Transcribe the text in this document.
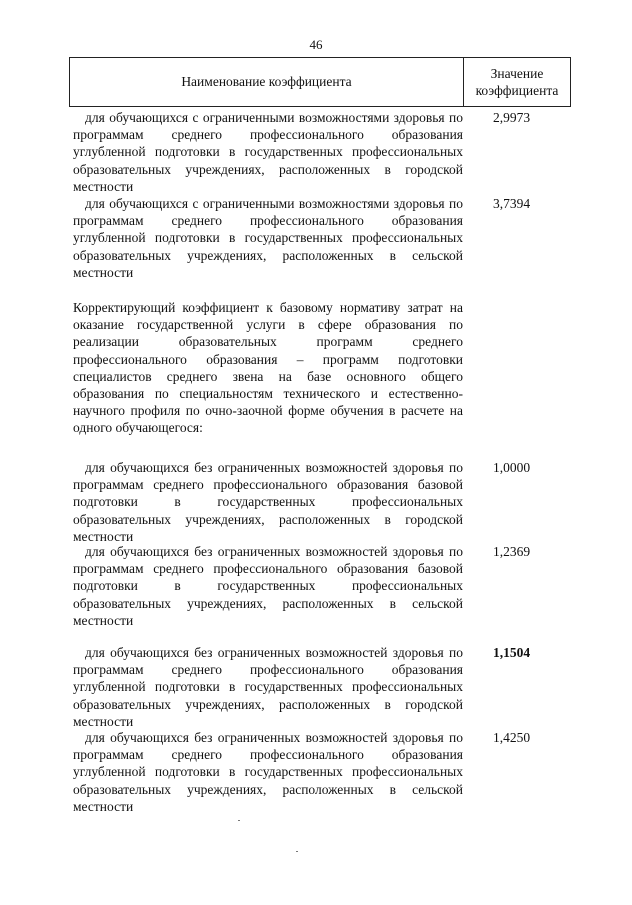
46
Наименование коэффициента
Значение
коэффициента
для обучающихся с ограниченными возможностями здоровья по программам среднего профессионального образования углубленной подготовки в государственных профессиональных образовательных учреждениях, расположенных в городской местности
2,9973
для обучающихся с ограниченными возможностями здоровья по программам среднего профессионального образования углубленной подготовки в государственных профессиональных образовательных учреждениях, расположенных в сельской местности
3,7394
Корректирующий коэффициент к базовому нормативу затрат на оказание государственной услуги в сфере образования по реализации образовательных программ среднего профессионального образования – программ подготовки специалистов среднего звена на базе основного общего образования по специальностям технического и естественно-научного профиля по очно-заочной форме обучения в расчете на одного обучающегося:
для обучающихся без ограниченных возможностей здоровья по программам среднего профессионального образования базовой подготовки в государственных профессиональных образовательных учреждениях, расположенных в городской местности
1,0000
для обучающихся без ограниченных возможностей здоровья по программам среднего профессионального образования базовой подготовки в государственных профессиональных образовательных учреждениях, расположенных в сельской местности
1,2369
для обучающихся без ограниченных возможностей здоровья по программам среднего профессионального образования углубленной подготовки в государственных профессиональных образовательных учреждениях, расположенных в городской местности
1,1504
для обучающихся без ограниченных возможностей здоровья по программам среднего профессионального образования углубленной подготовки в государственных профессиональных образовательных учреждениях, расположенных в сельской местности
1,4250
